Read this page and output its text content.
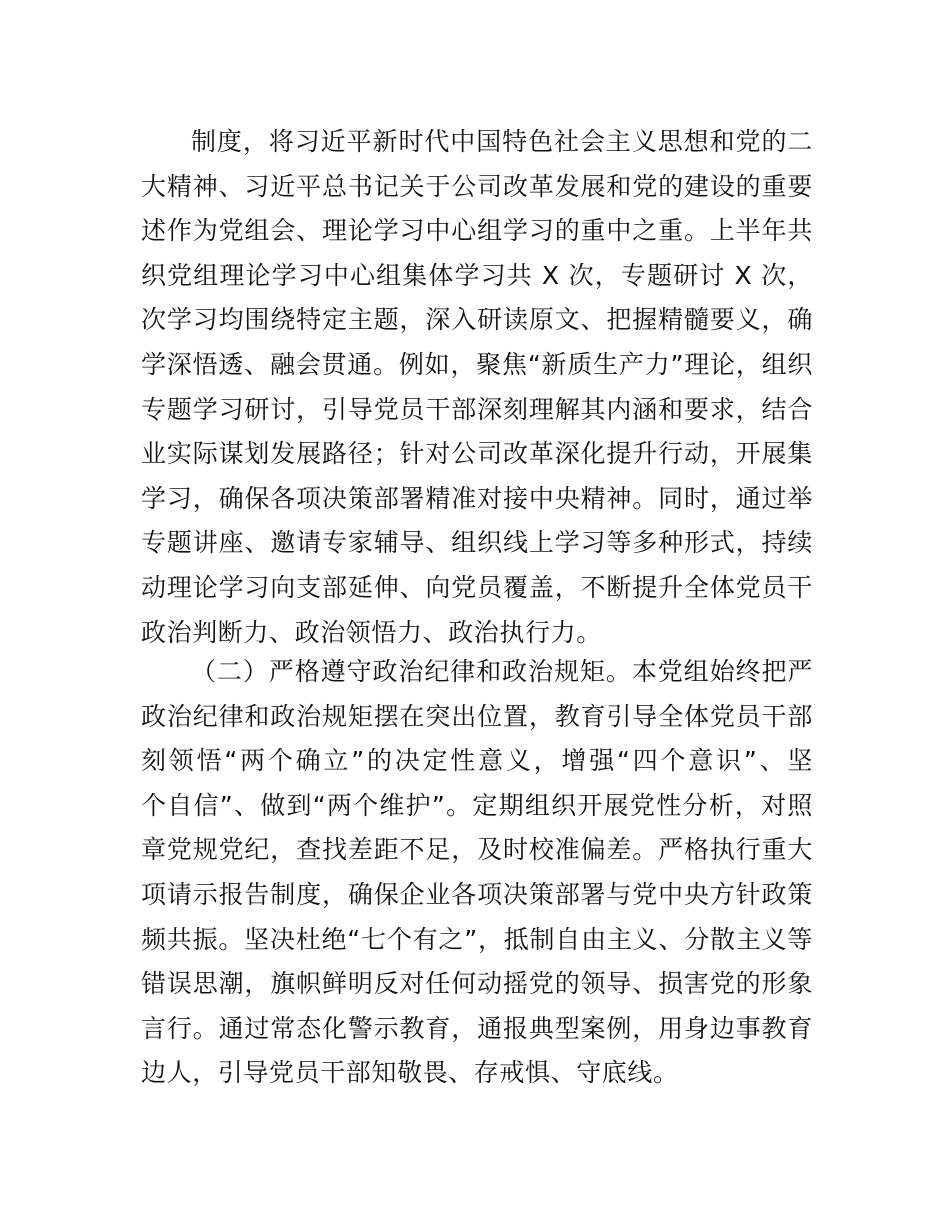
制度，将习近平新时代中国特色社会主义思想和党的二
大精神、习近平总书记关于公司改革发展和党的建设的重要
述作为党组会、理论学习中心组学习的重中之重。上半年共
织党组理论学习中心组集体学习共 X 次，专题研讨 X 次，
次学习均围绕特定主题，深入研读原文、把握精髓要义，确
学深悟透、融会贯通。例如，聚焦“新质生产力”理论，组织
专题学习研讨，引导党员干部深刻理解其内涵和要求，结合
业实际谋划发展路径；针对公司改革深化提升行动，开展集
学习，确保各项决策部署精准对接中央精神。同时，通过举
专题讲座、邀请专家辅导、组织线上学习等多种形式，持续
动理论学习向支部延伸、向党员覆盖，不断提升全体党员干
政治判断力、政治领悟力、政治执行力。
（二）严格遵守政治纪律和政治规矩。本党组始终把严
政治纪律和政治规矩摆在突出位置，教育引导全体党员干部
刻领悟“两个确立”的决定性意义，增强“四个意识”、坚
个自信”、做到“两个维护”。定期组织开展党性分析，对照
章党规党纪，查找差距不足，及时校准偏差。严格执行重大
项请示报告制度，确保企业各项决策部署与党中央方针政策
频共振。坚决杜绝“七个有之”，抵制自由主义、分散主义等
错误思潮，旗帜鲜明反对任何动摇党的领导、损害党的形象
言行。通过常态化警示教育，通报典型案例，用身边事教育
边人，引导党员干部知敬畏、存戒惧、守底线。
